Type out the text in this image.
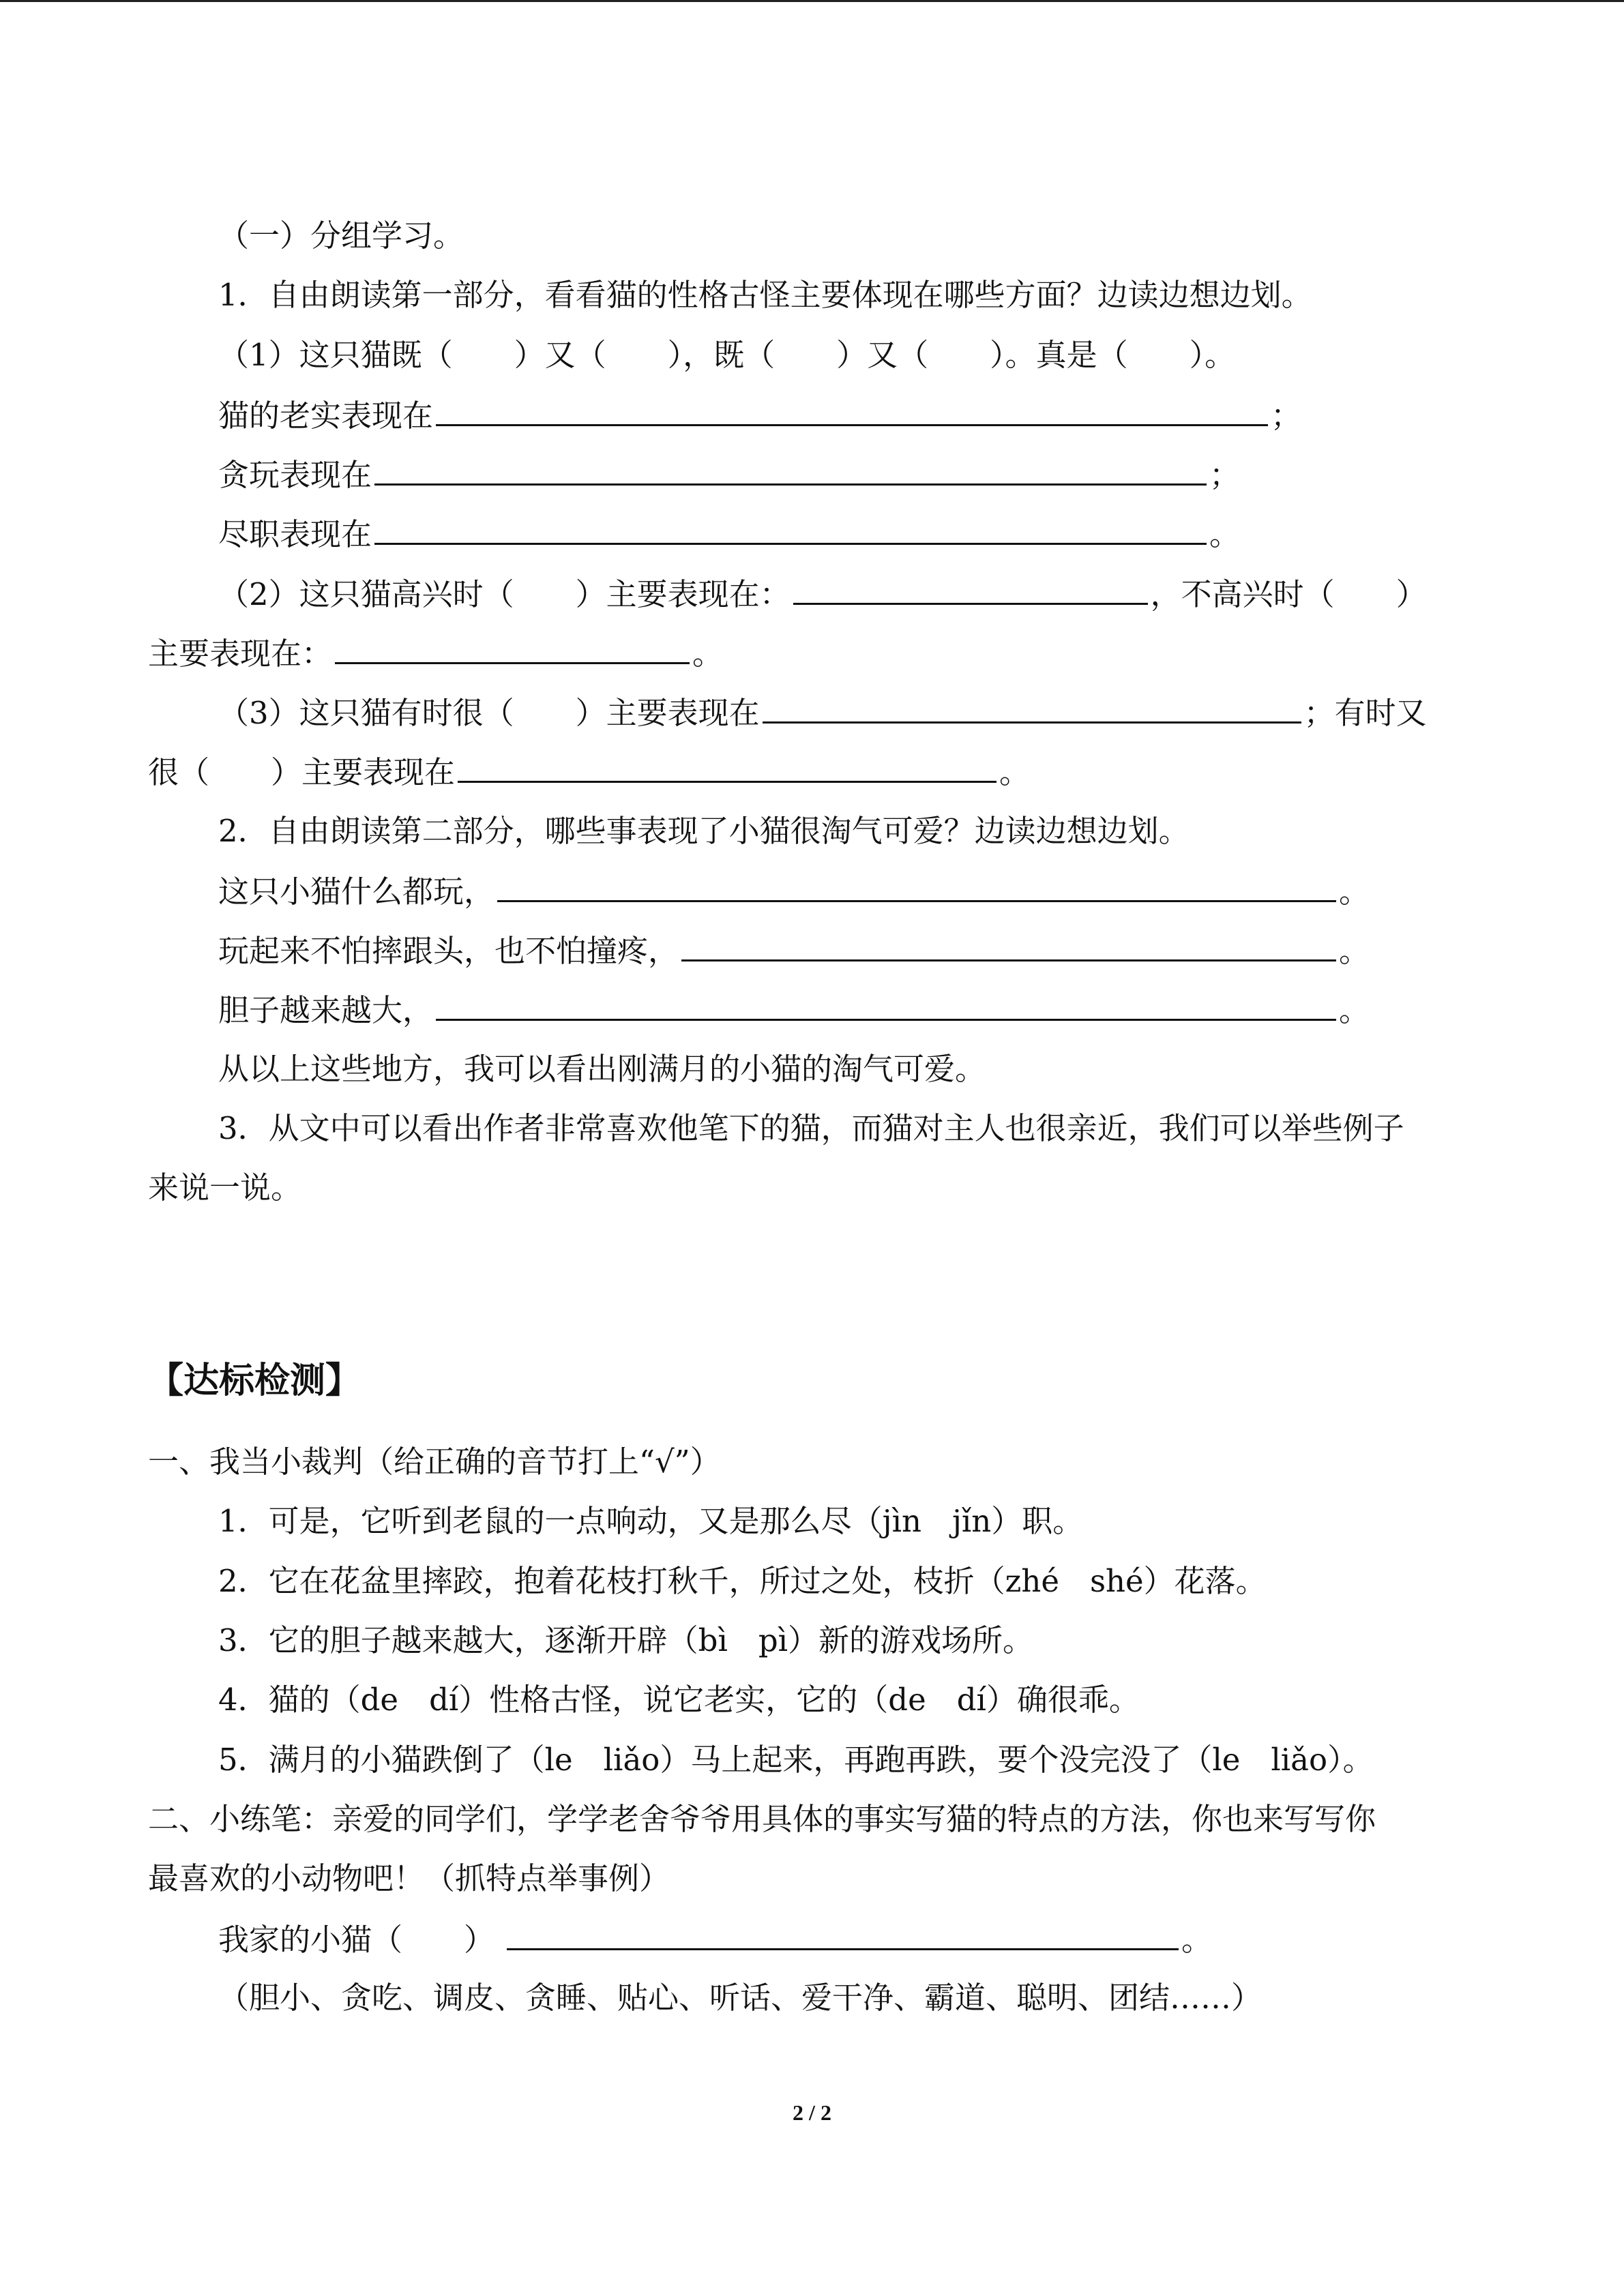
（一）分组学习。
1．自由朗读第一部分，看看猫的性格古怪主要体现在哪些方面？边读边想边划。
（1）这只猫既（　　）又（　　），既（　　）又（　　）。真是（　　）。
猫的老实表现在	；
贪玩表现在	；
尽职表现在	。
（2）这只猫高兴时（　　）主要表现在：	，不高兴时（　　）
主要表现在：	。
（3）这只猫有时很（　　）主要表现在	；有时又
很（　　）主要表现在	。
2．自由朗读第二部分，哪些事表现了小猫很淘气可爱？边读边想边划。
这只小猫什么都玩，	。
玩起来不怕摔跟头，也不怕撞疼，	。
胆子越来越大，	。
从以上这些地方，我可以看出刚满月的小猫的淘气可爱。
3．从文中可以看出作者非常喜欢他笔下的猫，而猫对主人也很亲近，我们可以举些例子
来说一说。
【达标检测】
一、我当小裁判（给正确的音节打上“√”）
1．可是，它听到老鼠的一点响动，又是那么尽（jìn　jǐn）职。
2．它在花盆里摔跤，抱着花枝打秋千，所过之处，枝折（zhé　shé）花落。
3．它的胆子越来越大，逐渐开辟（bì　pì）新的游戏场所。
4．猫的（de　dí）性格古怪，说它老实，它的（de　dí）确很乖。
5．满月的小猫跌倒了（le　liǎo）马上起来，再跑再跌，要个没完没了（le　liǎo）。
二、小练笔：亲爱的同学们，学学老舍爷爷用具体的事实写猫的特点的方法，你也来写写你
最喜欢的小动物吧！（抓特点举事例）
我家的小猫（　　）	。
（胆小、贪吃、调皮、贪睡、贴心、听话、爱干净、霸道、聪明、团结……）
2 / 2
